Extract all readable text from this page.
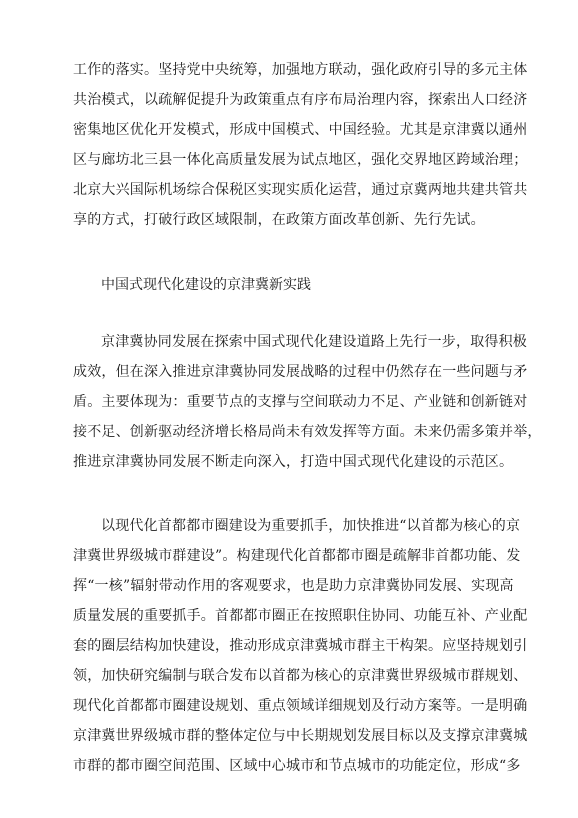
工作的落实。坚持党中央统筹，加强地方联动，强化政府引导的多元主体
共治模式，以疏解促提升为政策重点有序布局治理内容，探索出人口经济
密集地区优化开发模式，形成中国模式、中国经验。尤其是京津冀以通州
区与廊坊北三县一体化高质量发展为试点地区，强化交界地区跨域治理；
北京大兴国际机场综合保税区实现实质化运营，通过京冀两地共建共管共
享的方式，打破行政区域限制，在政策方面改革创新、先行先试。
中国式现代化建设的京津冀新实践
京津冀协同发展在探索中国式现代化建设道路上先行一步，取得积极
成效，但在深入推进京津冀协同发展战略的过程中仍然存在一些问题与矛
盾。主要体现为：重要节点的支撑与空间联动力不足、产业链和创新链对
接不足、创新驱动经济增长格局尚未有效发挥等方面。未来仍需多策并举，
推进京津冀协同发展不断走向深入，打造中国式现代化建设的示范区。
以现代化首都都市圈建设为重要抓手，加快推进“以首都为核心的京
津冀世界级城市群建设”。构建现代化首都都市圈是疏解非首都功能、发
挥“一核”辐射带动作用的客观要求，也是助力京津冀协同发展、实现高
质量发展的重要抓手。首都都市圈正在按照职住协同、功能互补、产业配
套的圈层结构加快建设，推动形成京津冀城市群主干构架。应坚持规划引
领，加快研究编制与联合发布以首都为核心的京津冀世界级城市群规划、
现代化首都都市圈建设规划、重点领域详细规划及行动方案等。一是明确
京津冀世界级城市群的整体定位与中长期规划发展目标以及支撑京津冀城
市群的都市圈空间范围、区域中心城市和节点城市的功能定位，形成“多
